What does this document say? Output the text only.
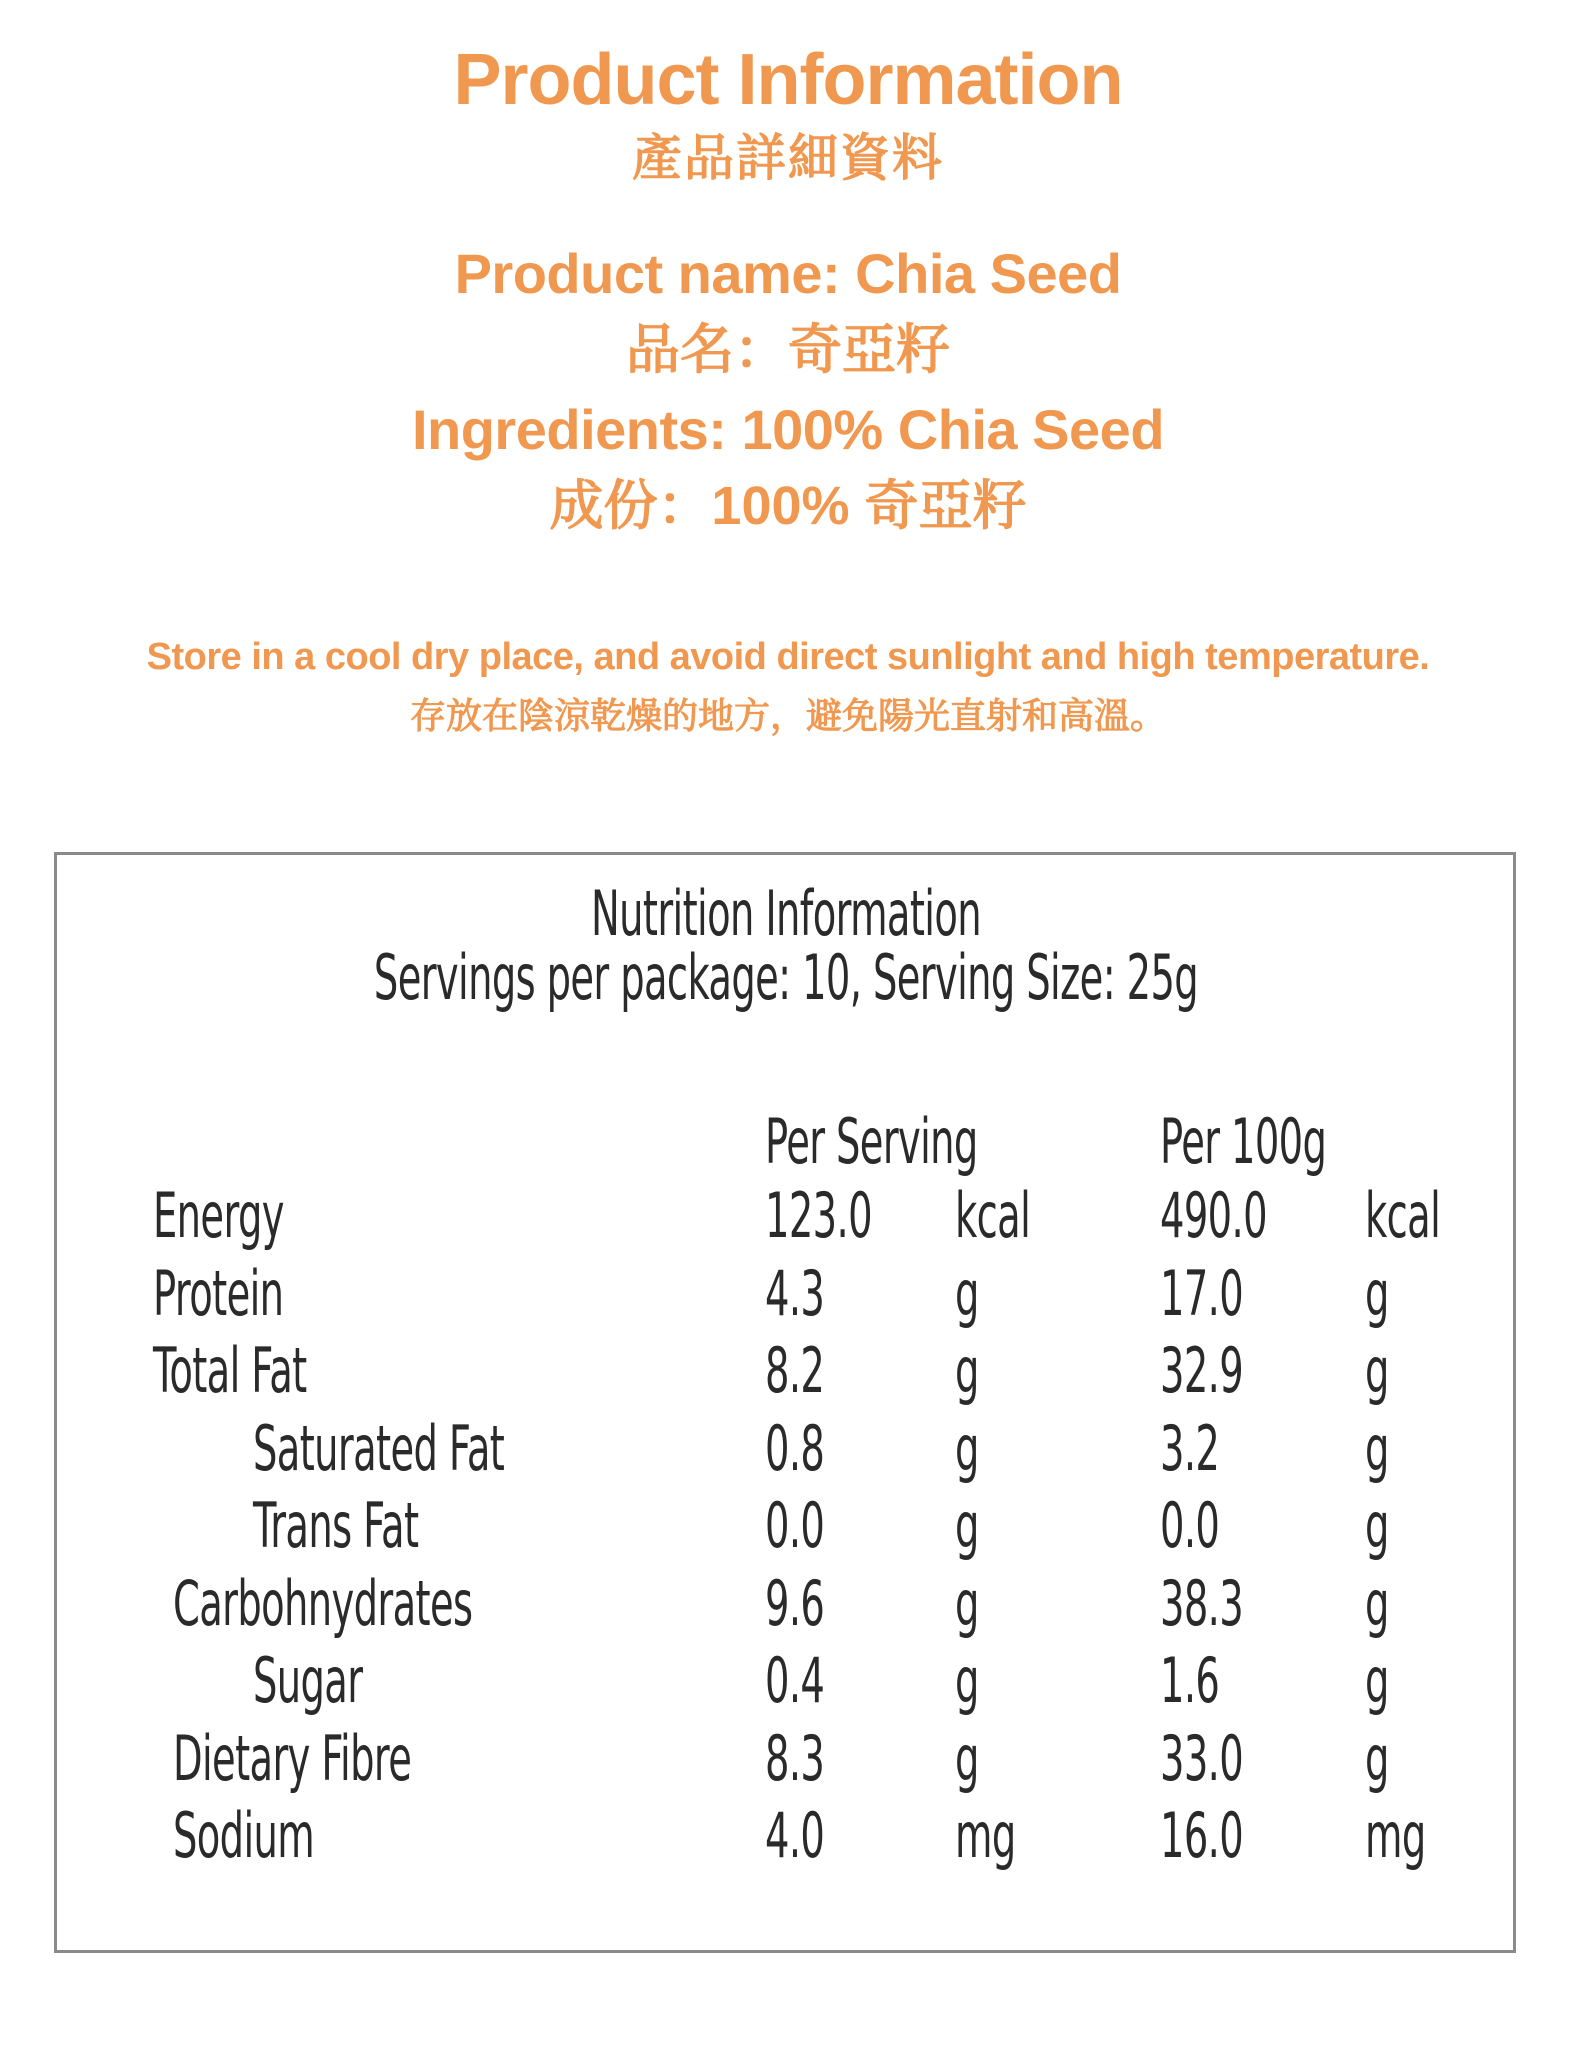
Product Information
產品詳細資料
Product name: Chia Seed
品名：奇亞籽
Ingredients: 100% Chia Seed
成份：100% 奇亞籽
Store in a cool dry place, and avoid direct sunlight and high temperature.
存放在陰涼乾燥的地方，避免陽光直射和高溫。
Nutrition Information
Servings per package: 10, Serving Size: 25g
Per Serving	Per 100g
Energy	123.0 kcal 490.0 kcal
Protein	4.3 g	17.0 g
Total Fat	8.2 g	32.9 g
Saturated Fat	0.8 g	3.2 g
Trans Fat	0.0 g	0.0 g
Carbohnydrates	9.6 g	38.3 g
Sugar	0.4 g	1.6 g
Dietary Fibre	8.3 g	33.0 g
Sodium	4.0 mg 16.0 mg
